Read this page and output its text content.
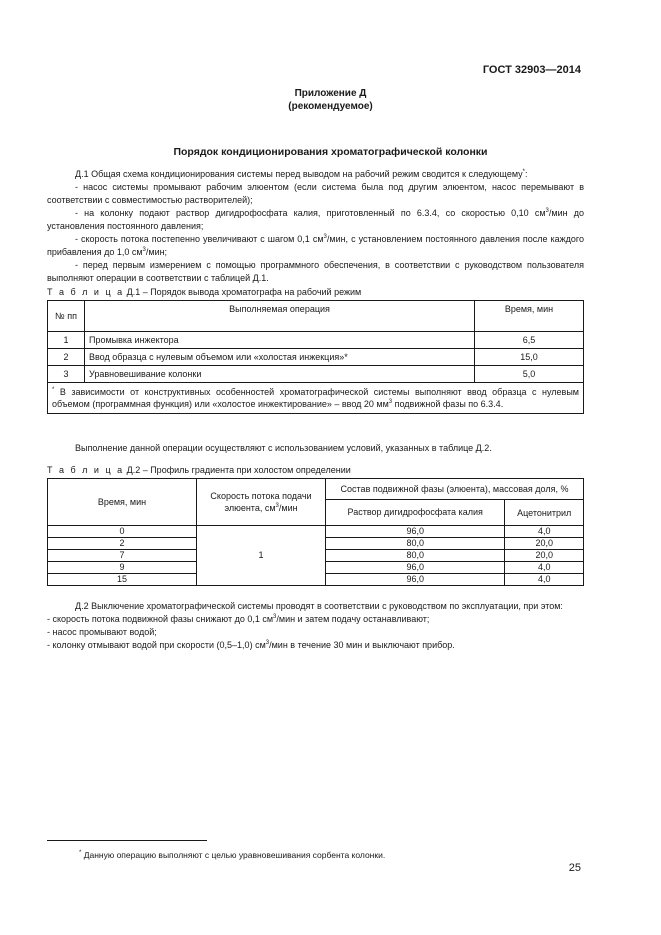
ГОСТ 32903—2014
Приложение Д
(рекомендуемое)
Порядок кондиционирования хроматографической колонки
Д.1 Общая схема кондиционирования системы перед выводом на рабочий режим сводится к следующему*:
- насос системы промывают рабочим элюентом (если система была под другим элюентом, насос перемывают в соответствии с совместимостью растворителей);
- на колонку подают раствор дигидрофосфата калия, приготовленный по 6.3.4, со скоростью 0,10 $см^3$/мин до установления постоянного давления;
- скорость потока постепенно увеличивают с шагом 0,1 $см^3$/мин, с установлением постоянного давления после каждого прибавления до 1,0 $см^3$/мин;
- перед первым измерением с помощью программного обеспечения, в соответствии с руководством пользователя выполняют операции в соответствии с таблицей Д.1.
Т а б л и ц а Д.1 – Порядок вывода хроматографа на рабочий режим
№ пп	Выполняемая операция	Время, мин
1	Промывка инжектора	6,5
2	Ввод образца с нулевым объемом или «холостая инжекция»*	15,0
3	Уравновешивание колонки	5,0
* В зависимости от конструктивных особенностей хроматографической системы выполняют ввод образца с нулевым объемом (программная функция) или «холостое инжектирование» – ввод 20 $мм^3$ подвижной фазы по 6.3.4.		
Выполнение данной операции осуществляют с использованием условий, указанных в таблице Д.2.
Т а б л и ц а Д.2 – Профиль градиента при холостом определении
Время, мин	Скорость потока подачи элюента, $см^3$/мин	Состав подвижной фазы (элюента), массовая доля, %	
		Раствор дигидрофосфата калия	Ацетонитрил
0	1	96,0	4,0
2		80,0	20,0
7		80,0	20,0
9		96,0	4,0
15		96,0	4,0
Д.2 Выключение хроматографической системы проводят в соответствии с руководством по эксплуатации, при этом:
- скорость потока подвижной фазы снижают до 0,1 $см^3$/мин и затем подачу останавливают;
- насос промывают водой;
- колонку отмывают водой при скорости (0,5–1,0) $см^3$/мин в течение 30 мин и выключают прибор.
* Данную операцию выполняют с целью уравновешивания сорбента колонки.
25
